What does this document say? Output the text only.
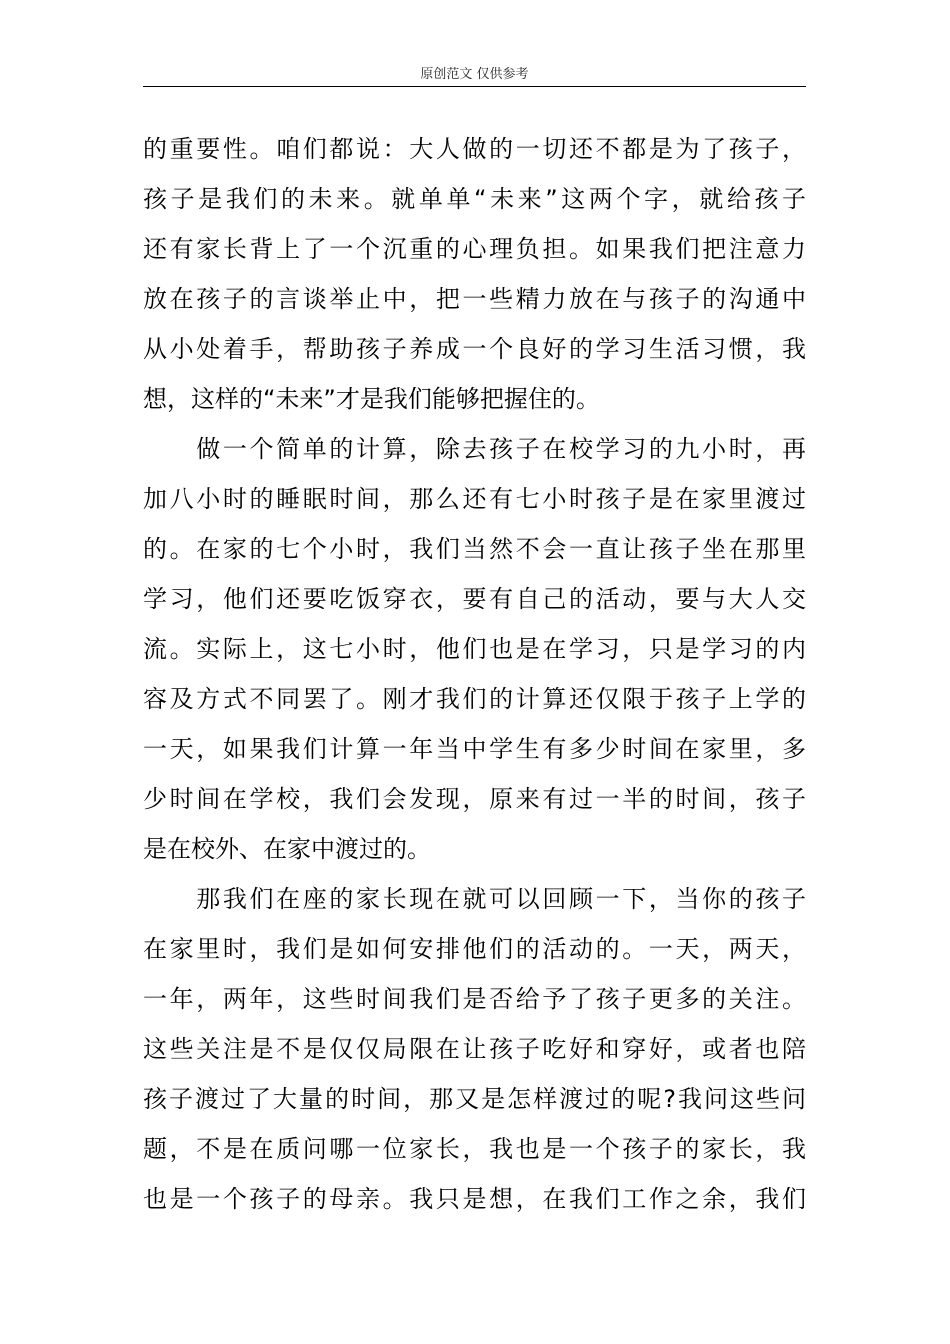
原创范文 仅供参考
的重要性。咱们都说：大人做的一切还不都是为了孩子，
孩子是我们的未来。就单单“未来”这两个字，就给孩子
还有家长背上了一个沉重的心理负担。如果我们把注意力
放在孩子的言谈举止中，把一些精力放在与孩子的沟通中
从小处着手，帮助孩子养成一个良好的学习生活习惯，我
想，这样的“未来”才是我们能够把握住的。
　　做一个简单的计算，除去孩子在校学习的九小时，再
加八小时的睡眠时间，那么还有七小时孩子是在家里渡过
的。在家的七个小时，我们当然不会一直让孩子坐在那里
学习，他们还要吃饭穿衣，要有自己的活动，要与大人交
流。实际上，这七小时，他们也是在学习，只是学习的内
容及方式不同罢了。刚才我们的计算还仅限于孩子上学的
一天，如果我们计算一年当中学生有多少时间在家里，多
少时间在学校，我们会发现，原来有过一半的时间，孩子
是在校外、在家中渡过的。
　　那我们在座的家长现在就可以回顾一下，当你的孩子
在家里时，我们是如何安排他们的活动的。一天，两天，
一年，两年，这些时间我们是否给予了孩子更多的关注。
这些关注是不是仅仅局限在让孩子吃好和穿好，或者也陪
孩子渡过了大量的时间，那又是怎样渡过的呢?我问这些问
题，不是在质问哪一位家长，我也是一个孩子的家长，我
也是一个孩子的母亲。我只是想，在我们工作之余，我们
